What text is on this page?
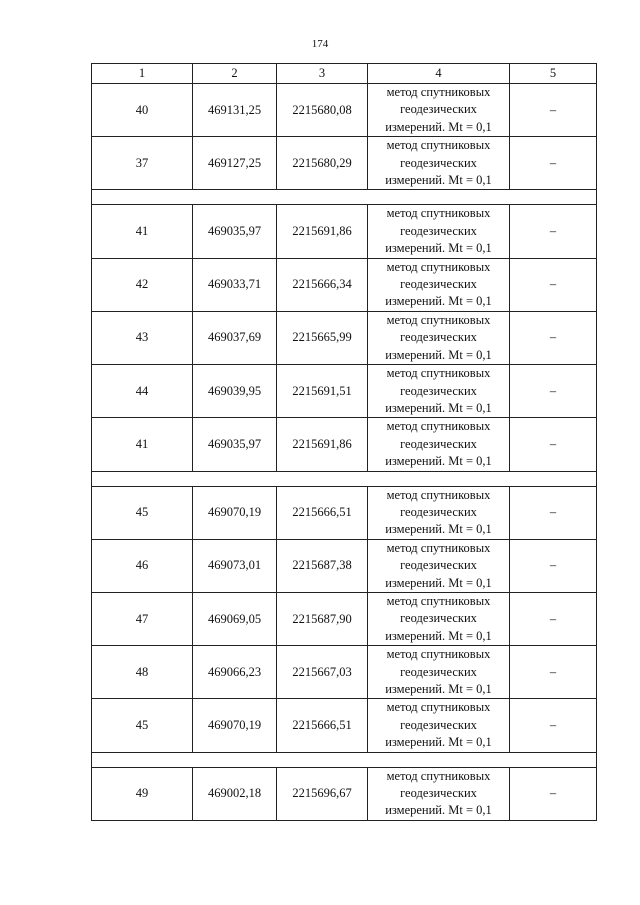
174
1	2	3	4	5
40	469131,25	2215680,08	метод спутниковых
геодезических
измерений. Mt = 0,1	–
37	469127,25	2215680,29	метод спутниковых
геодезических
измерений. Mt = 0,1	–

41	469035,97	2215691,86	метод спутниковых
геодезических
измерений. Mt = 0,1	–
42	469033,71	2215666,34	метод спутниковых
геодезических
измерений. Mt = 0,1	–
43	469037,69	2215665,99	метод спутниковых
геодезических
измерений. Mt = 0,1	–
44	469039,95	2215691,51	метод спутниковых
геодезических
измерений. Mt = 0,1	–
41	469035,97	2215691,86	метод спутниковых
геодезических
измерений. Mt = 0,1	–

45	469070,19	2215666,51	метод спутниковых
геодезических
измерений. Mt = 0,1	–
46	469073,01	2215687,38	метод спутниковых
геодезических
измерений. Mt = 0,1	–
47	469069,05	2215687,90	метод спутниковых
геодезических
измерений. Mt = 0,1	–
48	469066,23	2215667,03	метод спутниковых
геодезических
измерений. Mt = 0,1	–
45	469070,19	2215666,51	метод спутниковых
геодезических
измерений. Mt = 0,1	–

49	469002,18	2215696,67	метод спутниковых
геодезических
измерений. Mt = 0,1	–
